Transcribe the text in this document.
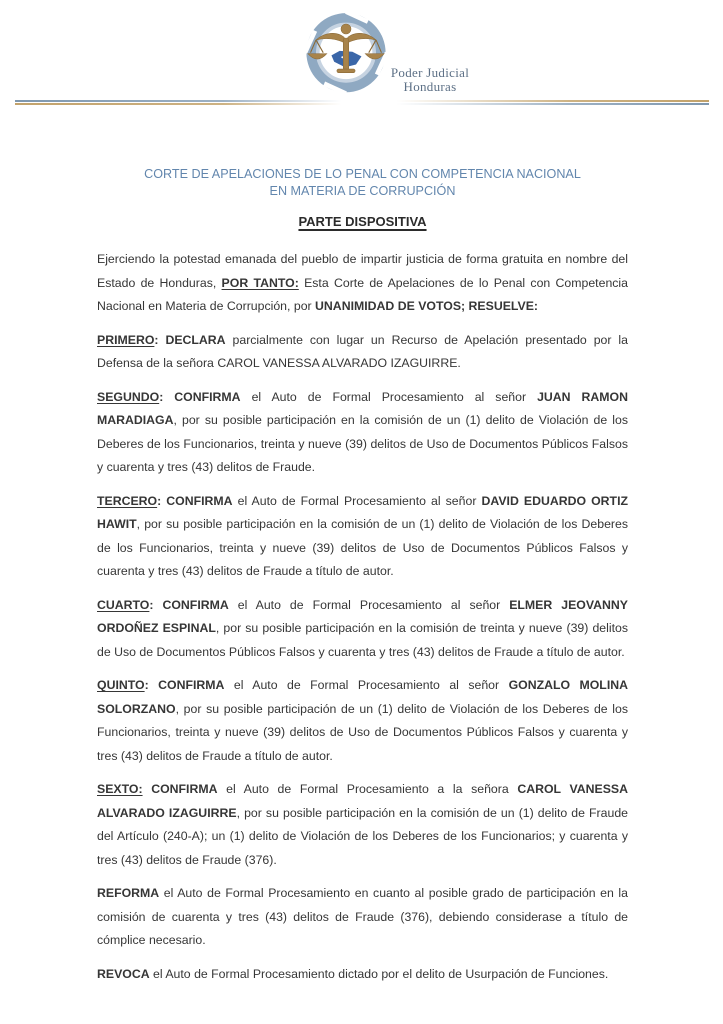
Poder Judicial
Honduras
CORTE DE APELACIONES DE LO PENAL CON COMPETENCIA NACIONAL
EN MATERIA DE CORRUPCIÓN
PARTE DISPOSITIVA

Ejerciendo la potestad emanada del pueblo de impartir justicia de forma gratuita en nombre del Estado de Honduras, POR TANTO: Esta Corte de Apelaciones de lo Penal con Competencia Nacional en Materia de Corrupción, por UNANIMIDAD DE VOTOS; RESUELVE:

PRIMERO: DECLARA parcialmente con lugar un Recurso de Apelación presentado por la Defensa de la señora CAROL VANESSA ALVARADO IZAGUIRRE.

SEGUNDO: CONFIRMA el Auto de Formal Procesamiento al señor JUAN RAMON MARADIAGA, por su posible participación en la comisión de un (1) delito de Violación de los Deberes de los Funcionarios, treinta y nueve (39) delitos de Uso de Documentos Públicos Falsos y cuarenta y tres (43) delitos de Fraude.

TERCERO: CONFIRMA el Auto de Formal Procesamiento al señor DAVID EDUARDO ORTIZ HAWIT, por su posible participación en la comisión de un (1) delito de Violación de los Deberes de los Funcionarios, treinta y nueve (39) delitos de Uso de Documentos Públicos Falsos y cuarenta y tres (43) delitos de Fraude a título de autor.

CUARTO: CONFIRMA el Auto de Formal Procesamiento al señor ELMER JEOVANNY ORDOÑEZ ESPINAL, por su posible participación en la comisión de treinta y nueve (39) delitos de Uso de Documentos Públicos Falsos y cuarenta y tres (43) delitos de Fraude a título de autor.

QUINTO: CONFIRMA el Auto de Formal Procesamiento al señor GONZALO MOLINA SOLORZANO, por su posible participación de un (1) delito de Violación de los Deberes de los Funcionarios, treinta y nueve (39) delitos de Uso de Documentos Públicos Falsos y cuarenta y tres (43) delitos de Fraude a título de autor.

SEXTO: CONFIRMA el Auto de Formal Procesamiento a la señora CAROL VANESSA ALVARADO IZAGUIRRE, por su posible participación en la comisión de un (1) delito de Fraude del Artículo (240-A); un (1) delito de Violación de los Deberes de los Funcionarios; y cuarenta y tres (43) delitos de Fraude (376).

REFORMA el Auto de Formal Procesamiento en cuanto al posible grado de participación en la comisión de cuarenta y tres (43) delitos de Fraude (376), debiendo considerase a título de cómplice necesario.

REVOCA el Auto de Formal Procesamiento dictado por el delito de Usurpación de Funciones.
